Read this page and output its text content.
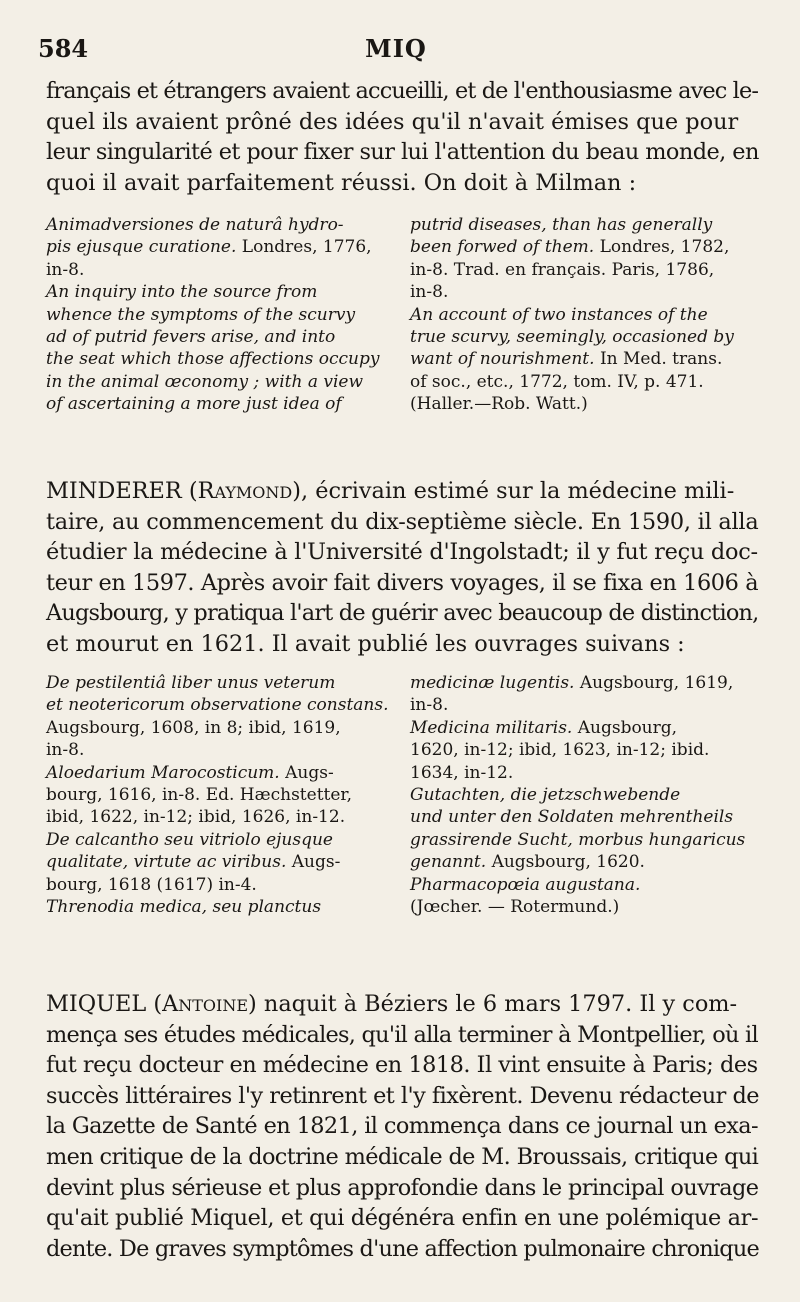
584	MIQ
français et étrangers avaient accueilli, et de l'enthousiasme avec le-
quel ils avaient prôné des idées qu'il n'avait émises que pour
leur singularité et pour fixer sur lui l'attention du beau monde, en
quoi il avait parfaitement réussi. On doit à Milman :
Animadversiones de naturâ hydro-
pis ejusque curatione. Londres, 1776,
in-8.
An inquiry into the source from
whence the symptoms of the scurvy
ad of putrid fevers arise, and into
the seat which those affections occupy
in the animal œconomy ; with a view
of ascertaining a more just idea of
putrid diseases, than has generally
been forwed of them. Londres, 1782,
in-8. Trad. en français. Paris, 1786,
in-8.
An account of two instances of the
true scurvy, seemingly, occasioned by
want of nourishment. In Med. trans.
of soc., etc., 1772, tom. IV, p. 471.
(Haller.—Rob. Watt.)
MINDERER (Raymond), écrivain estimé sur la médecine mili-
taire, au commencement du dix-septième siècle. En 1590, il alla
étudier la médecine à l'Université d'Ingolstadt; il y fut reçu doc-
teur en 1597. Après avoir fait divers voyages, il se fixa en 1606 à
Augsbourg, y pratiqua l'art de guérir avec beaucoup de distinction,
et mourut en 1621. Il avait publié les ouvrages suivans :
De pestilentiâ liber unus veterum
et neotericorum observatione constans.
Augsbourg, 1608, in 8; ibid, 1619,
in-8.
Aloedarium Marocosticum. Augs-
bourg, 1616, in-8. Ed. Hæchstetter,
ibid, 1622, in-12; ibid, 1626, in-12.
De calcantho seu vitriolo ejusque
qualitate, virtute ac viribus. Augs-
bourg, 1618 (1617) in-4.
Threnodia medica, seu planctus
medicinæ lugentis. Augsbourg, 1619,
in-8.
Medicina militaris. Augsbourg,
1620, in-12; ibid, 1623, in-12; ibid.
1634, in-12.
Gutachten, die jetzschwebende
und unter den Soldaten mehrentheils
grassirende Sucht, morbus hungaricus
genannt. Augsbourg, 1620.
Pharmacopœia augustana.
(Jœcher. — Rotermund.)
MIQUEL (Antoine) naquit à Béziers le 6 mars 1797. Il y com-
mença ses études médicales, qu'il alla terminer à Montpellier, où il
fut reçu docteur en médecine en 1818. Il vint ensuite à Paris; des
succès littéraires l'y retinrent et l'y fixèrent. Devenu rédacteur de
la Gazette de Santé en 1821, il commença dans ce journal un exa-
men critique de la doctrine médicale de M. Broussais, critique qui
devint plus sérieuse et plus approfondie dans le principal ouvrage
qu'ait publié Miquel, et qui dégénéra enfin en une polémique ar-
dente. De graves symptômes d'une affection pulmonaire chronique
